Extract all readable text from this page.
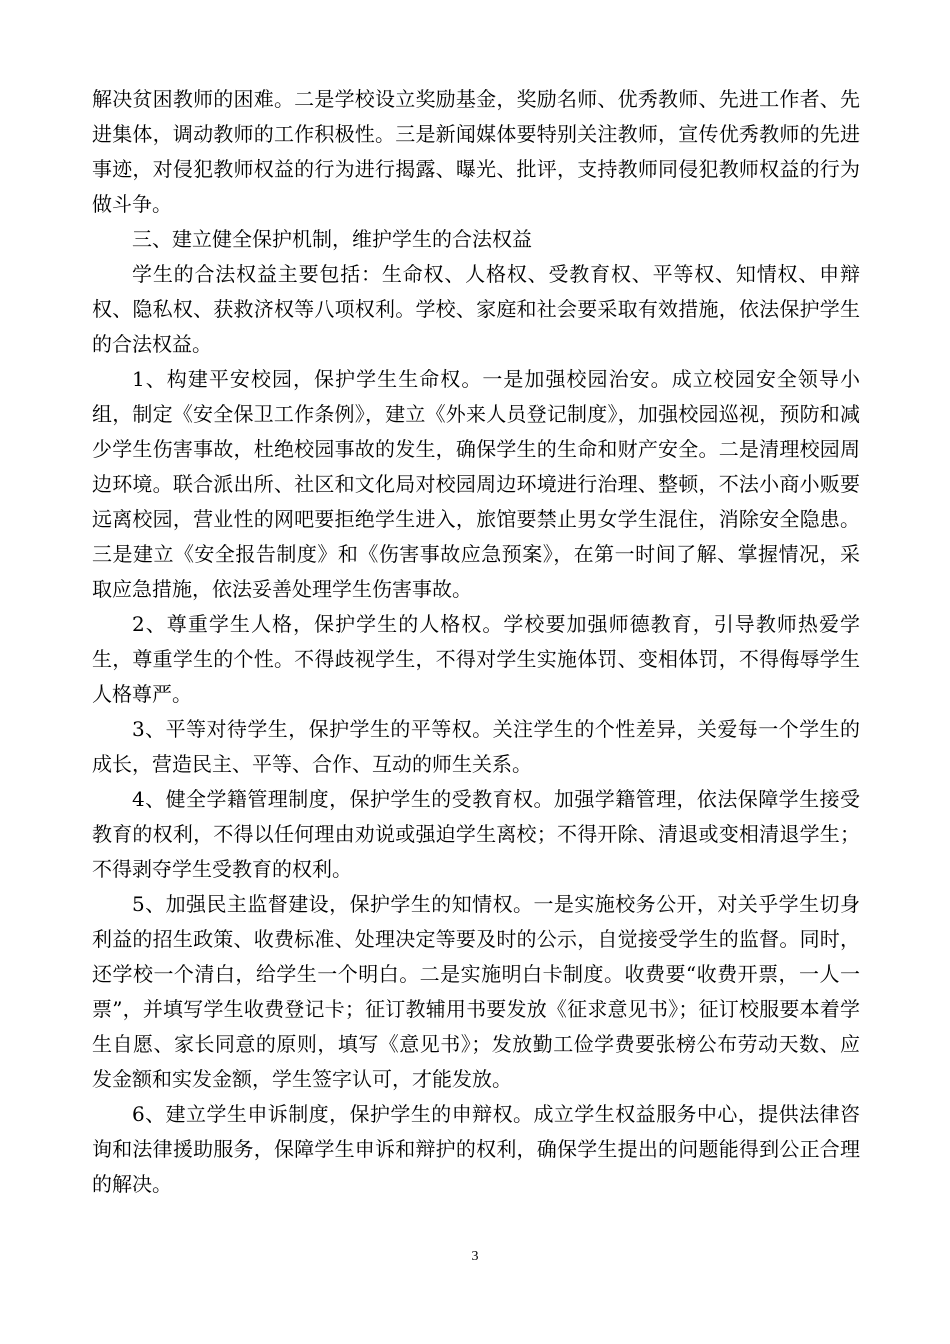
解决贫困教师的困难。二是学校设立奖励基金，奖励名师、优秀教师、先进工作者、先进集体，调动教师的工作积极性。三是新闻媒体要特别关注教师，宣传优秀教师的先进事迹，对侵犯教师权益的行为进行揭露、曝光、批评，支持教师同侵犯教师权益的行为做斗争。

三、建立健全保护机制，维护学生的合法权益

学生的合法权益主要包括：生命权、人格权、受教育权、平等权、知情权、申辩权、隐私权、获救济权等八项权利。学校、家庭和社会要采取有效措施，依法保护学生的合法权益。

1、构建平安校园，保护学生生命权。一是加强校园治安。成立校园安全领导小组，制定《安全保卫工作条例》，建立《外来人员登记制度》，加强校园巡视，预防和减少学生伤害事故，杜绝校园事故的发生，确保学生的生命和财产安全。二是清理校园周边环境。联合派出所、社区和文化局对校园周边环境进行治理、整顿，不法小商小贩要远离校园，营业性的网吧要拒绝学生进入，旅馆要禁止男女学生混住，消除安全隐患。三是建立《安全报告制度》和《伤害事故应急预案》，在第一时间了解、掌握情况，采取应急措施，依法妥善处理学生伤害事故。

2、尊重学生人格，保护学生的人格权。学校要加强师德教育，引导教师热爱学生，尊重学生的个性。不得歧视学生，不得对学生实施体罚、变相体罚，不得侮辱学生人格尊严。

3、平等对待学生，保护学生的平等权。关注学生的个性差异，关爱每一个学生的成长，营造民主、平等、合作、互动的师生关系。

4、健全学籍管理制度，保护学生的受教育权。加强学籍管理，依法保障学生接受教育的权利，不得以任何理由劝说或强迫学生离校；不得开除、清退或变相清退学生；不得剥夺学生受教育的权利。

5、加强民主监督建设，保护学生的知情权。一是实施校务公开，对关乎学生切身利益的招生政策、收费标准、处理决定等要及时的公示，自觉接受学生的监督。同时，还学校一个清白，给学生一个明白。二是实施明白卡制度。收费要“收费开票，一人一票”，并填写学生收费登记卡；征订教辅用书要发放《征求意见书》；征订校服要本着学生自愿、家长同意的原则，填写《意见书》；发放勤工俭学费要张榜公布劳动天数、应发金额和实发金额，学生签字认可，才能发放。

6、建立学生申诉制度，保护学生的申辩权。成立学生权益服务中心，提供法律咨询和法律援助服务，保障学生申诉和辩护的权利，确保学生提出的问题能得到公正合理的解决。

3
